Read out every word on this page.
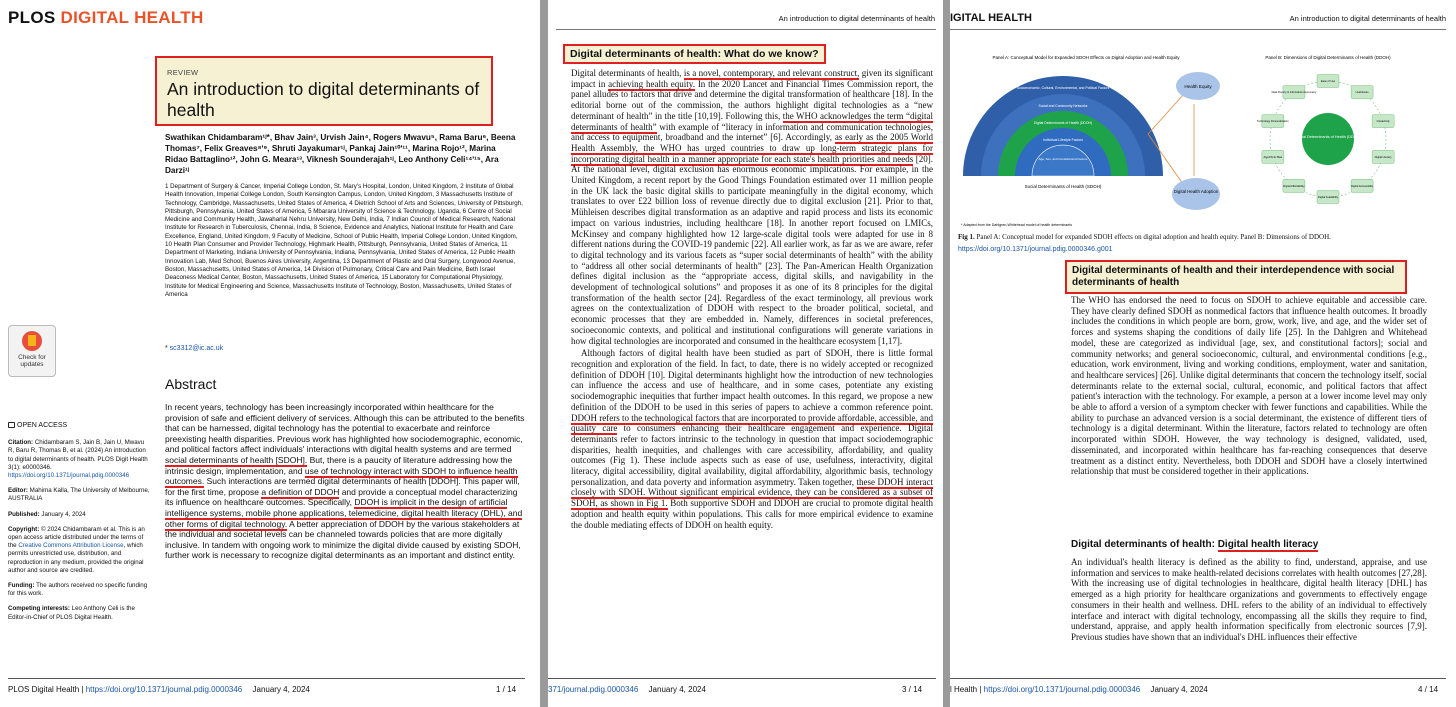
PLOS DIGITAL HEALTH
REVIEW
An introduction to digital determinants of health
Swathikan Chidambaram¹ʲ*, Bhav Jain³, Urvish Jain⁴, Rogers Mwavu⁵, Rama Baru⁶, Beena Thomas⁷, Felix Greaves⁸ʹ⁹, Shruti Jayakumar¹ʲ, Pankaj Jain¹⁰ʹ¹¹, Marina Rojo¹², Marina Ridao Battaglino¹², John G. Meara¹³, Viknesh Sounderajah¹ʲ, Leo Anthony Celi¹⁴ʹ¹⁵, Ara Darzi¹ʲ
1 Department of Surgery & Cancer, Imperial College London, St. Mary's Hospital, London, United Kingdom, 2 Institute of Global Health Innovation, Imperial College London, South Kensington Campus, London, United Kingdom, 3 Massachusetts Institute of Technology, Cambridge, Massachusetts, United States of America, 4 Dietrich School of Arts and Sciences, University of Pittsburgh, Pittsburgh, Pennsylvania, United States of America, 5 Mbarara University of Science & Technology, Uganda, 6 Centre of Social Medicine and Community Health, Jawaharlal Nehru University, New Delhi, India, 7 Indian Council of Medical Research, National Institute for Research in Tuberculosis, Chennai, India, 8 Science, Evidence and Analytics, National Institute for Health and Care Excellence, England, United Kingdom, 9 Faculty of Medicine, School of Public Health, Imperial College London, United Kingdom, 10 Health Plan Consumer and Provider Technology, Highmark Health, Pittsburgh, Pennsylvania, United States of America, 11 Department of Marketing, Indiana University of Pennsylvania, Indiana, Pennsylvania, United States of America, 12 Public Health Innovation Lab, Med School, Buenos Aires University, Argentina, 13 Department of Plastic and Oral Surgery, Longwood Avenue, Boston, Massachusetts, United States of America, 14 Division of Pulmonary, Critical Care and Pain Medicine, Beth Israel Deaconess Medical Center, Boston, Massachusetts, United States of America, 15 Laboratory for Computational Physiology, Institute for Medical Engineering and Science, Massachusetts Institute of Technology, Boston, Massachusetts, United States of America
* sc3312@ic.ac.uk
Check for
updates

OPEN ACCESS

Citation: Chidambaram S, Jain B, Jain U, Mwavu R, Baru R, Thomas B, et al. (2024) An introduction to digital determinants of health. PLOS Digit Health 3(1): e0000346. https://doi.org/10.1371/journal.pdig.0000346

Editor: Mahima Kalla, The University of Melbourne, AUSTRALIA

Published: January 4, 2024

Copyright: © 2024 Chidambaram et al. This is an open access article distributed under the terms of the Creative Commons Attribution License, which permits unrestricted use, distribution, and reproduction in any medium, provided the original author and source are credited.

Funding: The authors received no specific funding for this work.

Competing interests: Leo Anthony Celi is the Editor-in-Chief of PLOS Digital Health.

Abstract
In recent years, technology has been increasingly incorporated within healthcare for the provision of safe and efficient delivery of services. Although this can be attributed to the benefits that can be harnessed, digital technology has the potential to exacerbate and reinforce preexisting health disparities. Previous work has highlighted how sociodemographic, economic, and political factors affect individuals' interactions with digital health systems and are termed social determinants of health [SDOH]. But, there is a paucity of literature addressing how the intrinsic design, implementation, and use of technology interact with SDOH to influence health outcomes. Such interactions are termed digital determinants of health [DDOH]. This paper will, for the first time, propose a definition of DDOH and provide a conceptual model characterizing its influence on healthcare outcomes. Specifically, DDOH is implicit in the design of artificial intelligence systems, mobile phone applications, telemedicine, digital health literacy (DHL), and other forms of digital technology. A better appreciation of DDOH by the various stakeholders at the individual and societal levels can be channeled towards policies that are more digitally inclusive. In tandem with ongoing work to minimize the digital divide caused by existing SDOH, further work is necessary to recognize digital determinants as an important and distinct entity.
PLOS Digital Health | https://doi.org/10.1371/journal.pdig.0000346 January 4, 2024	1 / 14
An introduction to digital determinants of health
Digital determinants of health: What do we know?

Digital determinants of health, is a novel, contemporary, and relevant construct, given its significant impact in achieving health equity. In the 2020 Lancet and Financial Times Commission report, the panel alludes to factors that drive and determine the digital transformation of healthcare [18]. In the editorial borne out of the commission, the authors highlight digital technologies as a “new determinant of health” in the title [10,19]. Following this, the WHO acknowledges the term “digital determinants of health” with example of “literacy in information and communication technologies, and access to equipment, broadband and the internet” [6]. Accordingly, as early as the 2005 World Health Assembly, the WHO has urged countries to draw up long-term strategic plans for incorporating digital health in a manner appropriate for each state's health priorities and needs [20]. At the national level, digital exclusion has enormous economic implications. For example, in the United Kingdom, a recent report by the Good Things Foundation estimated over 11 million people in the UK lack the basic digital skills to participate meaningfully in the digital economy, which translates to over £22 billion loss of revenue directly due to digital exclusion [21]. Prior to that, Mühleisen describes digital transformation as an adaptive and rapid process and lists its economic impact on various industries, including healthcare [18]. In another report focused on LMICs, McKinsey and company highlighted how 12 large-scale digital tools were adapted for use in 8 different nations during the COVID-19 pandemic [22]. All earlier work, as far as we are aware, refer to digital technology and its various facets as “super social determinants of health” with the ability to “address all other social determinants of health” [23]. The Pan-American Health Organization defines digital inclusion as the “appropriate access, digital skills, and navigability in the development of technological solutions” and proposes it as one of its 8 principles for the digital transformation of the health sector [24]. Regardless of the exact terminology, all previous work agrees on the contextualization of DDOH with respect to the broader political, societal, and economic processes that they are embedded in. Namely, differences in societal preferences, socioeconomic contexts, and political and institutional configurations will generate variations in how digital technologies are incorporated and consumed in the healthcare ecosystem [1,17].

Although factors of digital health have been studied as part of SDOH, there is little formal recognition and exploration of the field. In fact, to date, there is no widely accepted or recognized definition of DDOH [10]. Digital determinants highlight how the introduction of new technologies can influence the access and use of healthcare, and in some cases, potentiate any existing sociodemographic inequities that further impact health outcomes. In this regard, we propose a new definition of the DDOH to be used in this series of papers to achieve a common reference point. DDOH refers to the technological factors that are incorporated to provide affordable, accessible, and quality care to consumers enhancing their healthcare engagement and experience. Digital determinants refer to factors intrinsic to the technology in question that impact sociodemographic disparities, health inequities, and challenges with care accessibility, affordability, and quality outcomes (Fig 1). These include aspects such as ease of use, usefulness, interactivity, digital literacy, digital accessibility, digital availability, digital affordability, algorithmic basis, technology personalization, and data poverty and information asymmetry. Taken together, these DDOH interact closely with SDOH. Without significant empirical evidence, they can be considered as a subset of SDOH, as shown in Fig 1. Both supportive SDOH and DDOH are crucial to promote digital health adoption and health equity within populations. This calls for more empirical evidence to examine the double mediating effects of DDOH on health equity.

371/journal.pdig.0000346 January 4, 2024	3 / 14
IGITAL HEALTH	An introduction to digital determinants of health
Panel A: Conceptual Model for Expanded SDOH Effects on Digital Adoption and Health Equity	Panel B: Dimensions of Digital Determinants of Health (DDOH)
Socioeconomic, Cultural, Environmental, and Political Factors
Social and Community Networks
Digital Determinants of Health (DDOH)
Individual Lifestyle Factors
Age, Sex, and Constitutional Factors
Social Determinants of Health (SDOH)
Health Equity
Digital Health Adoption
Digital Determinants of Health (DDOH)
Ease of Use
Usefulness
Interactivity
Digital Literacy
Digital Accessibility
Digital Availability
Digital Affordability
Algorithmic Bias
Technology Personalization
Data Poverty & Information Asymmetry
* Adapted from the Dahlgren-Whitehead model of health determinants
Fig 1. Panel A: Conceptual model for expanded SDOH effects on digital adoption and health equity. Panel B: Dimensions of DDOH.
https://doi.org/10.1371/journal.pdig.0000346.g001
Digital determinants of health and their interdependence with social determinants of health

The WHO has endorsed the need to focus on SDOH to achieve equitable and accessible care. They have clearly defined SDOH as nonmedical factors that influence health outcomes. It broadly includes the conditions in which people are born, grow, work, live, and age, and the wider set of forces and systems shaping the conditions of daily life [25]. In the Dahlgren and Whitehead model, these are categorized as individual [age, sex, and constitutional factors]; social and community networks; and general socioeconomic, cultural, and environmental conditions [e.g., education, work environment, living and working conditions, employment, water and sanitation, and healthcare services] [26]. Unlike digital determinants that concern the technology itself, social determinants relate to the external social, cultural, economic, and political factors that affect patient's interaction with the technology. For example, a person at a lower income level may only be able to afford a version of a symptom checker with fewer functions and capabilities. While the ability to purchase an advanced version is a social determinant, the existence of different tiers of technology is a digital determinant. Within the literature, factors related to technology are often incorporated within SDOH. However, the way technology is designed, validated, used, disseminated, and incorporated within healthcare has far-reaching consequences that deserve treatment as a distinct entity. Nevertheless, both DDOH and SDOH have a closely intertwined relationship that must be considered together in their applications.

Digital determinants of health: Digital health literacy

An individual's health literacy is defined as the ability to find, understand, appraise, and use information and services to make health-related decisions correlates with health outcomes [27,28]. With the increasing use of digital technologies in healthcare, digital health literacy [DHL] has emerged as a high priority for healthcare organizations and governments to effectively engage consumers in their health and wellness. DHL refers to the ability of an individual to effectively interface and interact with digital technology, encompassing all the skills they require to find, understand, appraise, and apply health information specifically from electronic sources [7,9]. Previous studies have shown that an individual's DHL influences their effective

l Health | https://doi.org/10.1371/journal.pdig.0000346 January 4, 2024	4 / 14
